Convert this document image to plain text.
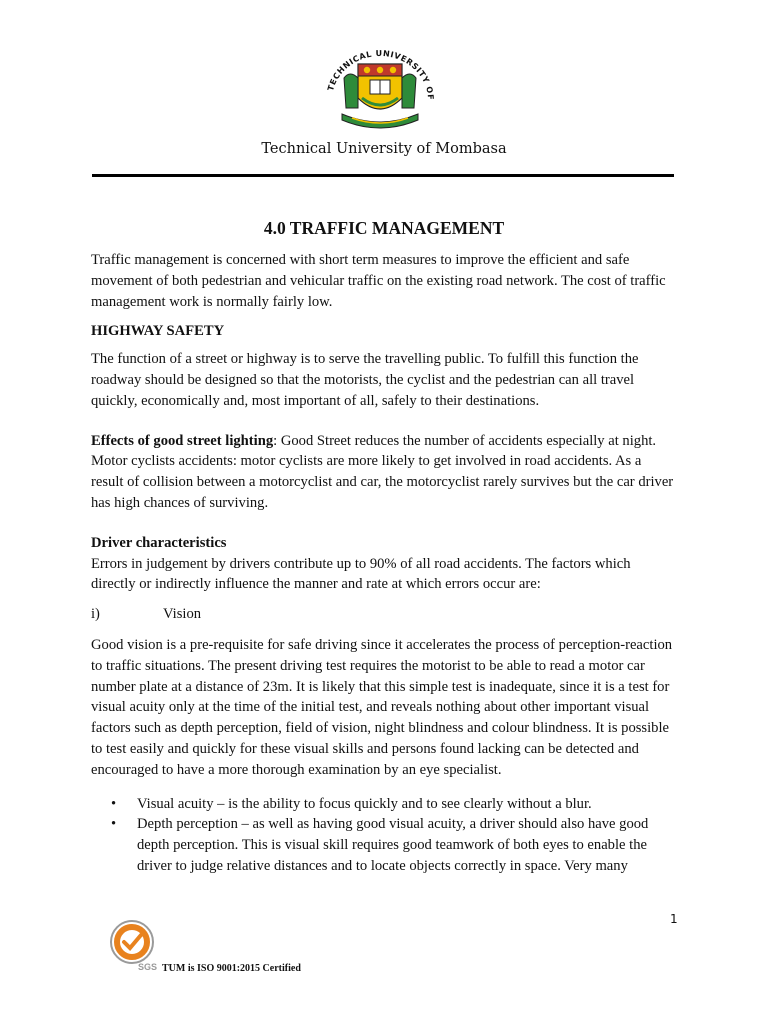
TECHNICAL UNIVERSITY OF
Technical University of Mombasa
4.0 TRAFFIC MANAGEMENT

Traffic management is concerned with short term measures to improve the efficient and safe movement of both pedestrian and vehicular traffic on the existing road network. The cost of traffic management work is normally fairly low.

HIGHWAY SAFETY

The function of a street or highway is to serve the travelling public. To fulfill this function the roadway should be designed so that the motorists, the cyclist and the pedestrian can all travel quickly, economically and, most important of all, safely to their destinations.

Effects of good street lighting: Good Street reduces the number of accidents especially at night. Motor cyclists accidents: motor cyclists are more likely to get involved in road accidents. As a result of collision between a motorcyclist and car, the motorcyclist rarely survives but the car driver has high chances of surviving.

Driver characteristics

Errors in judgement by drivers contribute up to 90% of all road accidents. The factors which directly or indirectly influence the manner and rate at which errors occur are:

i)	Vision

Good vision is a pre-requisite for safe driving since it accelerates the process of perception-reaction to traffic situations. The present driving test requires the motorist to be able to read a motor car number plate at a distance of 23m. It is likely that this simple test is inadequate, since it is a test for visual acuity only at the time of the initial test, and reveals nothing about other important visual factors such as depth perception, field of vision, night blindness and colour blindness. It is possible to test easily and quickly for these visual skills and persons found lacking can be detected and encouraged to have a more thorough examination by an eye specialist.

•	Visual acuity – is the ability to focus quickly and to see clearly without a blur.
•	Depth perception – as well as having good visual acuity, a driver should also have good depth perception. This is visual skill requires good teamwork of both eyes to enable the driver to judge relative distances and to locate objects correctly in space. Very many
1
SGS TUM is ISO 9001:2015 Certified
